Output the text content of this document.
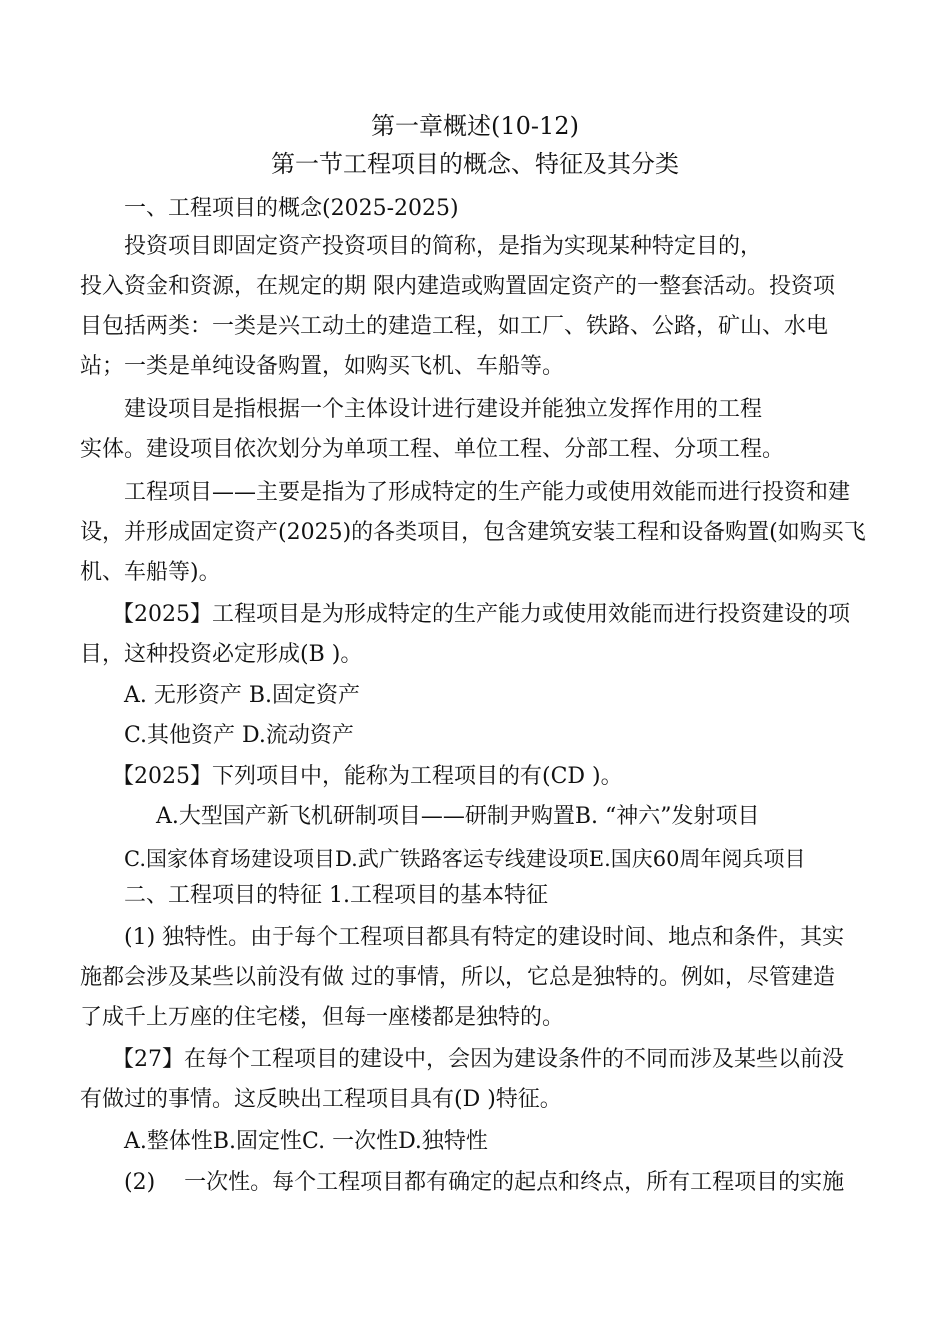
第一章概述(10-12)
第一节工程项目的概念、特征及其分类
一、工程项目的概念(2025-2025)
投资项目即固定资产投资项目的简称，是指为实现某种特定目的，
投入资金和资源，在规定的期 限内建造或购置固定资产的一整套活动。投资项
目包括两类：一类是兴工动土的建造工程，如工厂、铁路、公路，矿山、水电
站；一类是单纯设备购置，如购买飞机、车船等。
建设项目是指根据一个主体设计进行建设并能独立发挥作用的工程
实体。建设项目依次划分为单项工程、单位工程、分部工程、分项工程。
工程项目——主要是指为了形成特定的生产能力或使用效能而进行投资和建
设，并形成固定资产(2025)的各类项目，包含建筑安装工程和设备购置(如购买飞
机、车船等)。
【2025】工程项目是为形成特定的生产能力或使用效能而进行投资建设的项
目，这种投资必定形成(B )。
A. 无形资产 B.固定资产
C.其他资产 D.流动资产
【2025】下列项目中，能称为工程项目的有(CD )。
A.大型国产新飞机研制项目——研制尹购置B. “神六”发射项目
C.国家体育场建设项目D.武广铁路客运专线建设项E.国庆60周年阅兵项目
二、工程项目的特征 1.工程项目的基本特征
(1) 独特性。由于每个工程项目都具有特定的建设时间、地点和条件，其实
施都会涉及某些以前没有做 过的事情，所以，它总是独特的。例如，尽管建造
了成千上万座的住宅楼，但每一座楼都是独特的。
【27】在每个工程项目的建设中，会因为建设条件的不同而涉及某些以前没
有做过的事情。这反映出工程项目具有(D )特征。
A.整体性B.固定性C. 一次性D.独特性
(2)　 一次性。每个工程项目都有确定的起点和终点，所有工程项目的实施
